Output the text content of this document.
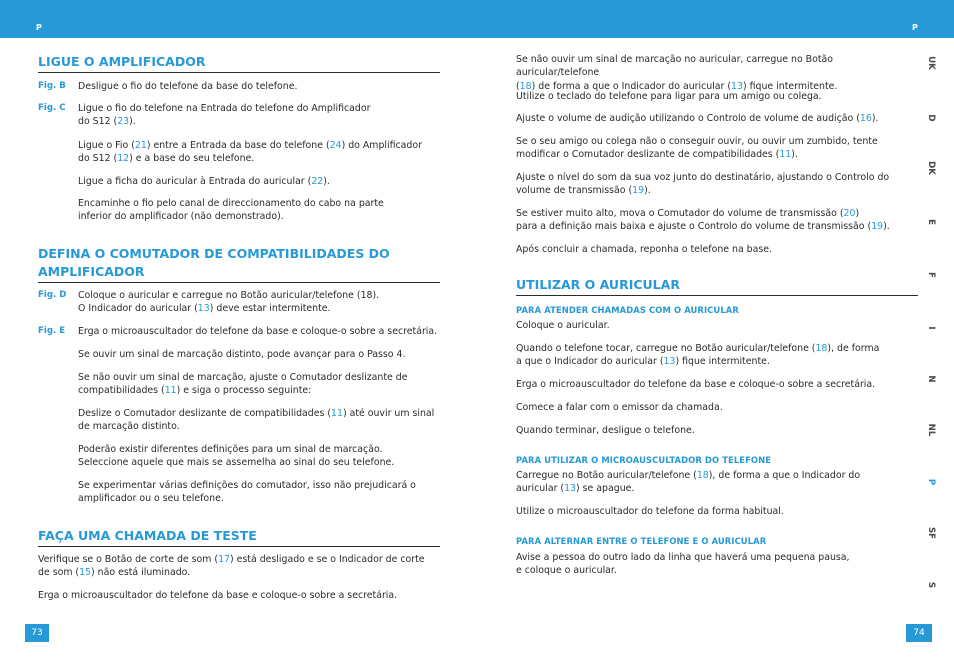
P	P
LIGUE O AMPLIFICADOR
Fig. B Desligue o fio do telefone da base do telefone.
Fig. C Ligue o fio do telefone na Entrada do telefone do Amplificador
do S12 (23).
Ligue o Fio (21) entre a Entrada da base do telefone (24) do Amplificador
do S12 (12) e a base do seu telefone.
Ligue a ficha do auricular à Entrada do auricular (22).
Encaminhe o fio pelo canal de direccionamento do cabo na parte
inferior do amplificador (não demonstrado).
DEFINA O COMUTADOR DE COMPATIBILIDADES DO
AMPLIFICADOR
Fig. D Coloque o auricular e carregue no Botão auricular/telefone (18).
O Indicador do auricular (13) deve estar intermitente.
Fig. E Erga o microauscultador do telefone da base e coloque-o sobre a secretária.
Se ouvir um sinal de marcação distinto, pode avançar para o Passo 4.
Se não ouvir um sinal de marcação, ajuste o Comutador deslizante de
compatibilidades (11) e siga o processo seguinte:
Deslize o Comutador deslizante de compatibilidades (11) até ouvir um sinal
de marcação distinto.
Poderão existir diferentes definições para um sinal de marcação.
Seleccione aquele que mais se assemelha ao sinal do seu telefone.
Se experimentar várias definições do comutador, isso não prejudicará o
amplificador ou o seu telefone.
FAÇA UMA CHAMADA DE TESTE
Verifique se o Botão de corte de som (17) está desligado e se o Indicador de corte
de som (15) não está iluminado.
Erga o microauscultador do telefone da base e coloque-o sobre a secretária.
73
Se não ouvir um sinal de marcação no auricular, carregue no Botão auricular/telefone
(18) de forma a que o Indicador do auricular (13) fique intermitente.
Utilize o teclado do telefone para ligar para um amigo ou colega.
Ajuste o volume de audição utilizando o Controlo de volume de audição (16).
Se o seu amigo ou colega não o conseguir ouvir, ou ouvir um zumbido, tente
modificar o Comutador deslizante de compatibilidades (11).
Ajuste o nível do som da sua voz junto do destinatário, ajustando o Controlo do
volume de transmissão (19).
Se estiver muito alto, mova o Comutador do volume de transmissão (20)
para a definição mais baixa e ajuste o Controlo do volume de transmissão (19).
Após concluir a chamada, reponha o telefone na base.
UTILIZAR O AURICULAR
PARA ATENDER CHAMADAS COM O AURICULAR
Coloque o auricular.
Quando o telefone tocar, carregue no Botão auricular/telefone (18), de forma
a que o Indicador do auricular (13) fique intermitente.
Erga o microauscultador do telefone da base e coloque-o sobre a secretária.
Comece a falar com o emissor da chamada.
Quando terminar, desligue o telefone.
PARA UTILIZAR O MICROAUSCULTADOR DO TELEFONE
Carregue no Botão auricular/telefone (18), de forma a que o Indicador do
auricular (13) se apague.
Utilize o microauscultador do telefone da forma habitual.
PARA ALTERNAR ENTRE O TELEFONE E O AURICULAR
Avise a pessoa do outro lado da linha que haverá uma pequena pausa,
e coloque o auricular.
74
UK
D
DK
E
F
I
N
NL
P
SF
S
